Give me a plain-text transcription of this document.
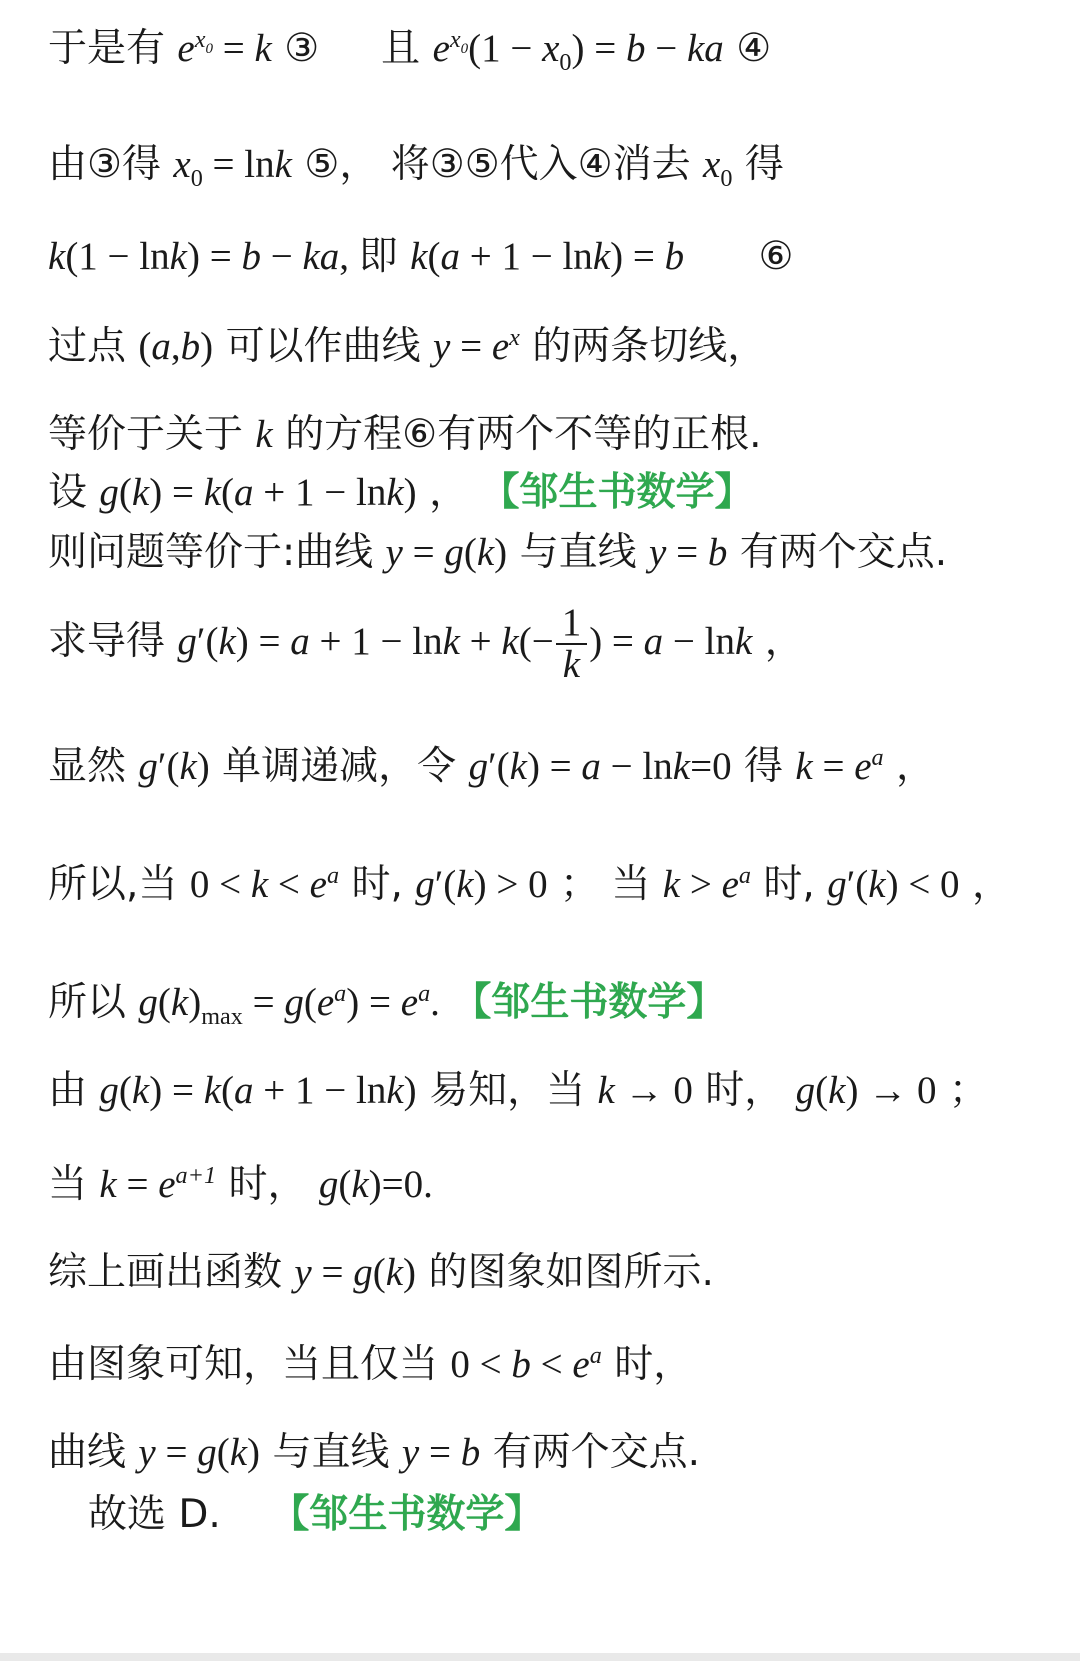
于是有 $e^{x_0} = k$ ③ 且 $e^{x_0}(1 - x_0) = b$ − ka ④
由③得 $x_0 = \ln k$ ⑤， 将③⑤代入④消去 $x_0$ 得
k(1 − lnk) = b − ka, 即 k(a + 1 − lnk) = b ⑥
过点 (a,b) 可以作曲线 $y = e^x$ 的两条切线，
等价于关于 k 的方程⑥有两个不等的正根.
设 g(k) = k(a + 1 − lnk) ， 【邹生书数学】
则问题等价于:曲线 y = g(k) 与直线 y = b 有两个交点.
求导得 $g'(k) = a + 1 - \ln k + k(- \frac{1}{k}$ ) = a − lnk ，
显然 g′(k) 单调递减，令 g′(k) = a − lnk=0 得 $k = e^a$ ，
所以,当 $0 < k < e^a$ 时, g′(k) > 0 ； 当 $k > e^a$ 时, g′(k) < 0 ，
所以 $g(k)_{max} = g(e^a) = e^a$. 【邹生书数学】
由 g(k) = k(a + 1 − lnk) 易知，当 k → 0 时， g(k) → 0 ；
当 $k = e^{a+1}$ 时， g(k)=0.
综上画出函数 y = g(k) 的图象如图所示.
由图象可知，当且仅当 $0 < b < e^a$ 时，
曲线 y = g(k) 与直线 y = b 有两个交点.
故选 D. 【邹生书数学】
